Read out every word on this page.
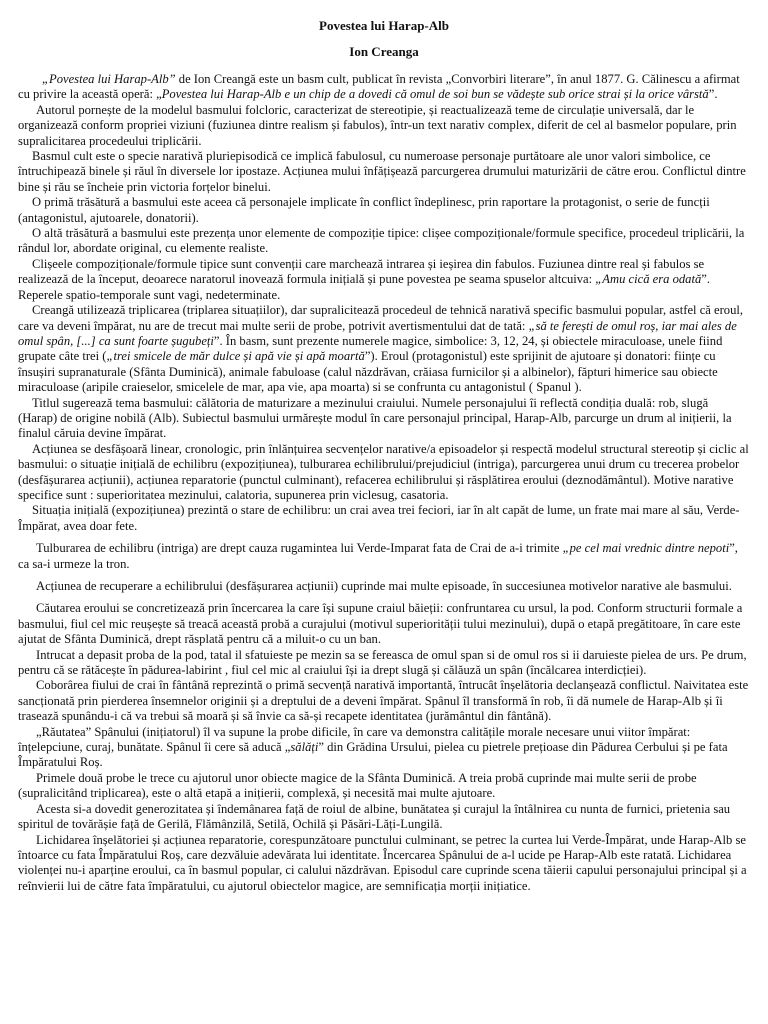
Povestea lui Harap-Alb
Ion Creanga

„Povestea lui Harap-Alb” de Ion Creangă este un basm cult, publicat în revista „Convorbiri literare”, în anul 1877. G. Călinescu a afirmat cu privire la această operă: „Povestea lui Harap-Alb e un chip de a dovedi că omul de soi bun se vădește sub orice strai și la orice vârstă”.

Autorul pornește de la modelul basmului folcloric, caracterizat de stereotipie, și reactualizează teme de circulație universală, dar le organizează conform propriei viziuni (fuziunea dintre realism și fabulos), într-un text narativ complex, diferit de cel al basmelor populare, prin supralicitarea procedeului triplicării.

Basmul cult este o specie narativă pluriepisodică ce implică fabulosul, cu numeroase personaje purtătoare ale unor valori simbolice, ce întruchipează binele și răul în diversele lor ipostaze. Acțiunea mului înfățișează parcurgerea drumului maturizării de către erou. Conflictul dintre bine și rău se încheie prin victoria forțelor binelui.

O primă trăsătură a basmului este aceea că personajele implicate în conflict îndeplinesc, prin raportare la protagonist, o serie de funcții (antagonistul, ajutoarele, donatorii).

O altă trăsătură a basmului este prezența unor elemente de compoziție tipice: clișee compoziționale/formule specifice, procedeul triplicării, la rândul lor, abordate original, cu elemente realiste.

Clișeele compoziționale/formule tipice sunt convenții care marchează intrarea și ieșirea din fabulos. Fuziunea dintre real și fabulos se realizează de la început, deoarece naratorul inovează formula inițială și pune povestea pe seama spuselor altcuiva: „Amu cică era odată”. Reperele spatio-temporale sunt vagi, nedeterminate.

Creangă utilizează triplicarea (triplarea situațiilor), dar supralicitează procedeul de tehnică narativă specific basmului popular, astfel că eroul, care va deveni împărat, nu are de trecut mai multe serii de probe, potrivit avertismentului dat de tată: „să te ferești de omul roș, iar mai ales de omul spân, [...] ca sunt foarte șugubeți”. În basm, sunt prezente numerele magice, simbolice: 3, 12, 24, și obiectele miraculoase, unele fiind grupate câte trei („trei smicele de măr dulce și apă vie și apă moartă”). Eroul (protagonistul) este sprijinit de ajutoare și donatori: ființe cu însușiri supranaturale (Sfânta Duminică), animale fabuloase (calul năzdrăvan, crăiasa furnicilor și a albinelor), făpturi himerice sau obiecte miraculoase (aripile craieselor, smicelele de mar, apa vie, apa moarta) si se confrunta cu antagonistul ( Spanul ).

Titlul sugerează tema basmului: călătoria de maturizare a mezinului craiului. Numele personajului îi reflectă condiția duală: rob, slugă (Harap) de origine nobilă (Alb). Subiectul basmului urmărește modul în care personajul principal, Harap-Alb, parcurge un drum al inițierii, la finalul căruia devine împărat.

Acțiunea se desfășoară linear, cronologic, prin înlănțuirea secvențelor narative/a episoadelor și respectă modelul structural stereotip și ciclic al basmului: o situație inițială de echilibru (expozițiunea), tulburarea echilibrului/prejudiciul (intriga), parcurgerea unui drum cu trecerea probelor (desfășurarea acțiunii), acțiunea reparatorie (punctul culminant), refacerea echilibrului și răsplătirea eroului (deznodământul). Motive narative specifice sunt : superioritatea mezinului, calatoria, supunerea prin viclesug, casatoria.

Situația inițială (expozițiunea) prezintă o stare de echilibru: un crai avea trei feciori, iar în alt capăt de lume, un frate mai mare al său, Verde-Împărat, avea doar fete.

Tulburarea de echilibru (intriga) are drept cauza rugamintea lui Verde-Imparat fata de Crai de a-i trimite „pe cel mai vrednic dintre nepoti”, ca sa-i urmeze la tron.

Acțiunea de recuperare a echilibrului (desfășurarea acțiunii) cuprinde mai multe episoade, în succesiunea motivelor narative ale basmului.

Căutarea eroului se concretizează prin încercarea la care își supune craiul băieții: confruntarea cu ursul, la pod. Conform structurii formale a basmului, fiul cel mic reușește să treacă această probă a curajului (motivul superiorității tului mezinului), după o etapă pregătitoare, în care este ajutat de Sfânta Duminică, drept răsplată pentru că a miluit-o cu un ban.

Intrucat a depasit proba de la pod, tatal il sfatuieste pe mezin sa se fereasca de omul span si de omul ros si ii daruieste pielea de urs. Pe drum, pentru că se rătăcește în pădurea-labirint , fiul cel mic al craiului își ia drept slugă și călăuză un spân (încălcarea interdicției).

Coborârea fiului de crai în fântână reprezintă o primă secvență narativă importantă, întrucât înșelătoria declanșează conflictul. Naivitatea este sancționată prin pierderea însemnelor originii și a dreptului de a deveni împărat. Spânul îl transformă în rob, îi dă numele de Harap-Alb și îi trasează spunându-i că va trebui să moară și să învie ca să-și recapete identitatea (jurământul din fântână).

„Răutatea” Spânului (inițiatorul) îl va supune la probe dificile, în care va demonstra calitățile morale necesare unui viitor împărat: înțelepciune, curaj, bunătate. Spânul îi cere să aducă „sălăți” din Grădina Ursului, pielea cu pietrele prețioase din Pădurea Cerbului și pe fata Împăratului Roș.

Primele două probe le trece cu ajutorul unor obiecte magice de la Sfânta Duminică. A treia probă cuprinde mai multe serii de probe (supralicitând triplicarea), este o altă etapă a inițierii, complexă, și necesită mai multe ajutoare.

Acesta si-a dovedit generozitatea și îndemânarea față de roiul de albine, bunătatea și curajul la întâlnirea cu nunta de furnici, prietenia sau spiritul de tovărășie față de Gerilă, Flămânzilă, Setilă, Ochilă și Păsări-Lăți-Lungilă.

Lichidarea înșelătoriei și acțiunea reparatorie, corespunzătoare punctului culminant, se petrec la curtea lui Verde-Împărat, unde Harap-Alb se întoarce cu fata Împăratului Roș, care dezvăluie adevărata lui identitate. Încercarea Spânului de a-l ucide pe Harap-Alb este ratată. Lichidarea violenței nu-i aparține eroului, ca în basmul popular, ci calului năzdrăvan. Episodul care cuprinde scena tăierii capului personajului principal și a reînvierii lui de către fata împăratului, cu ajutorul obiectelor magice, are semnificația morții inițiatice.
